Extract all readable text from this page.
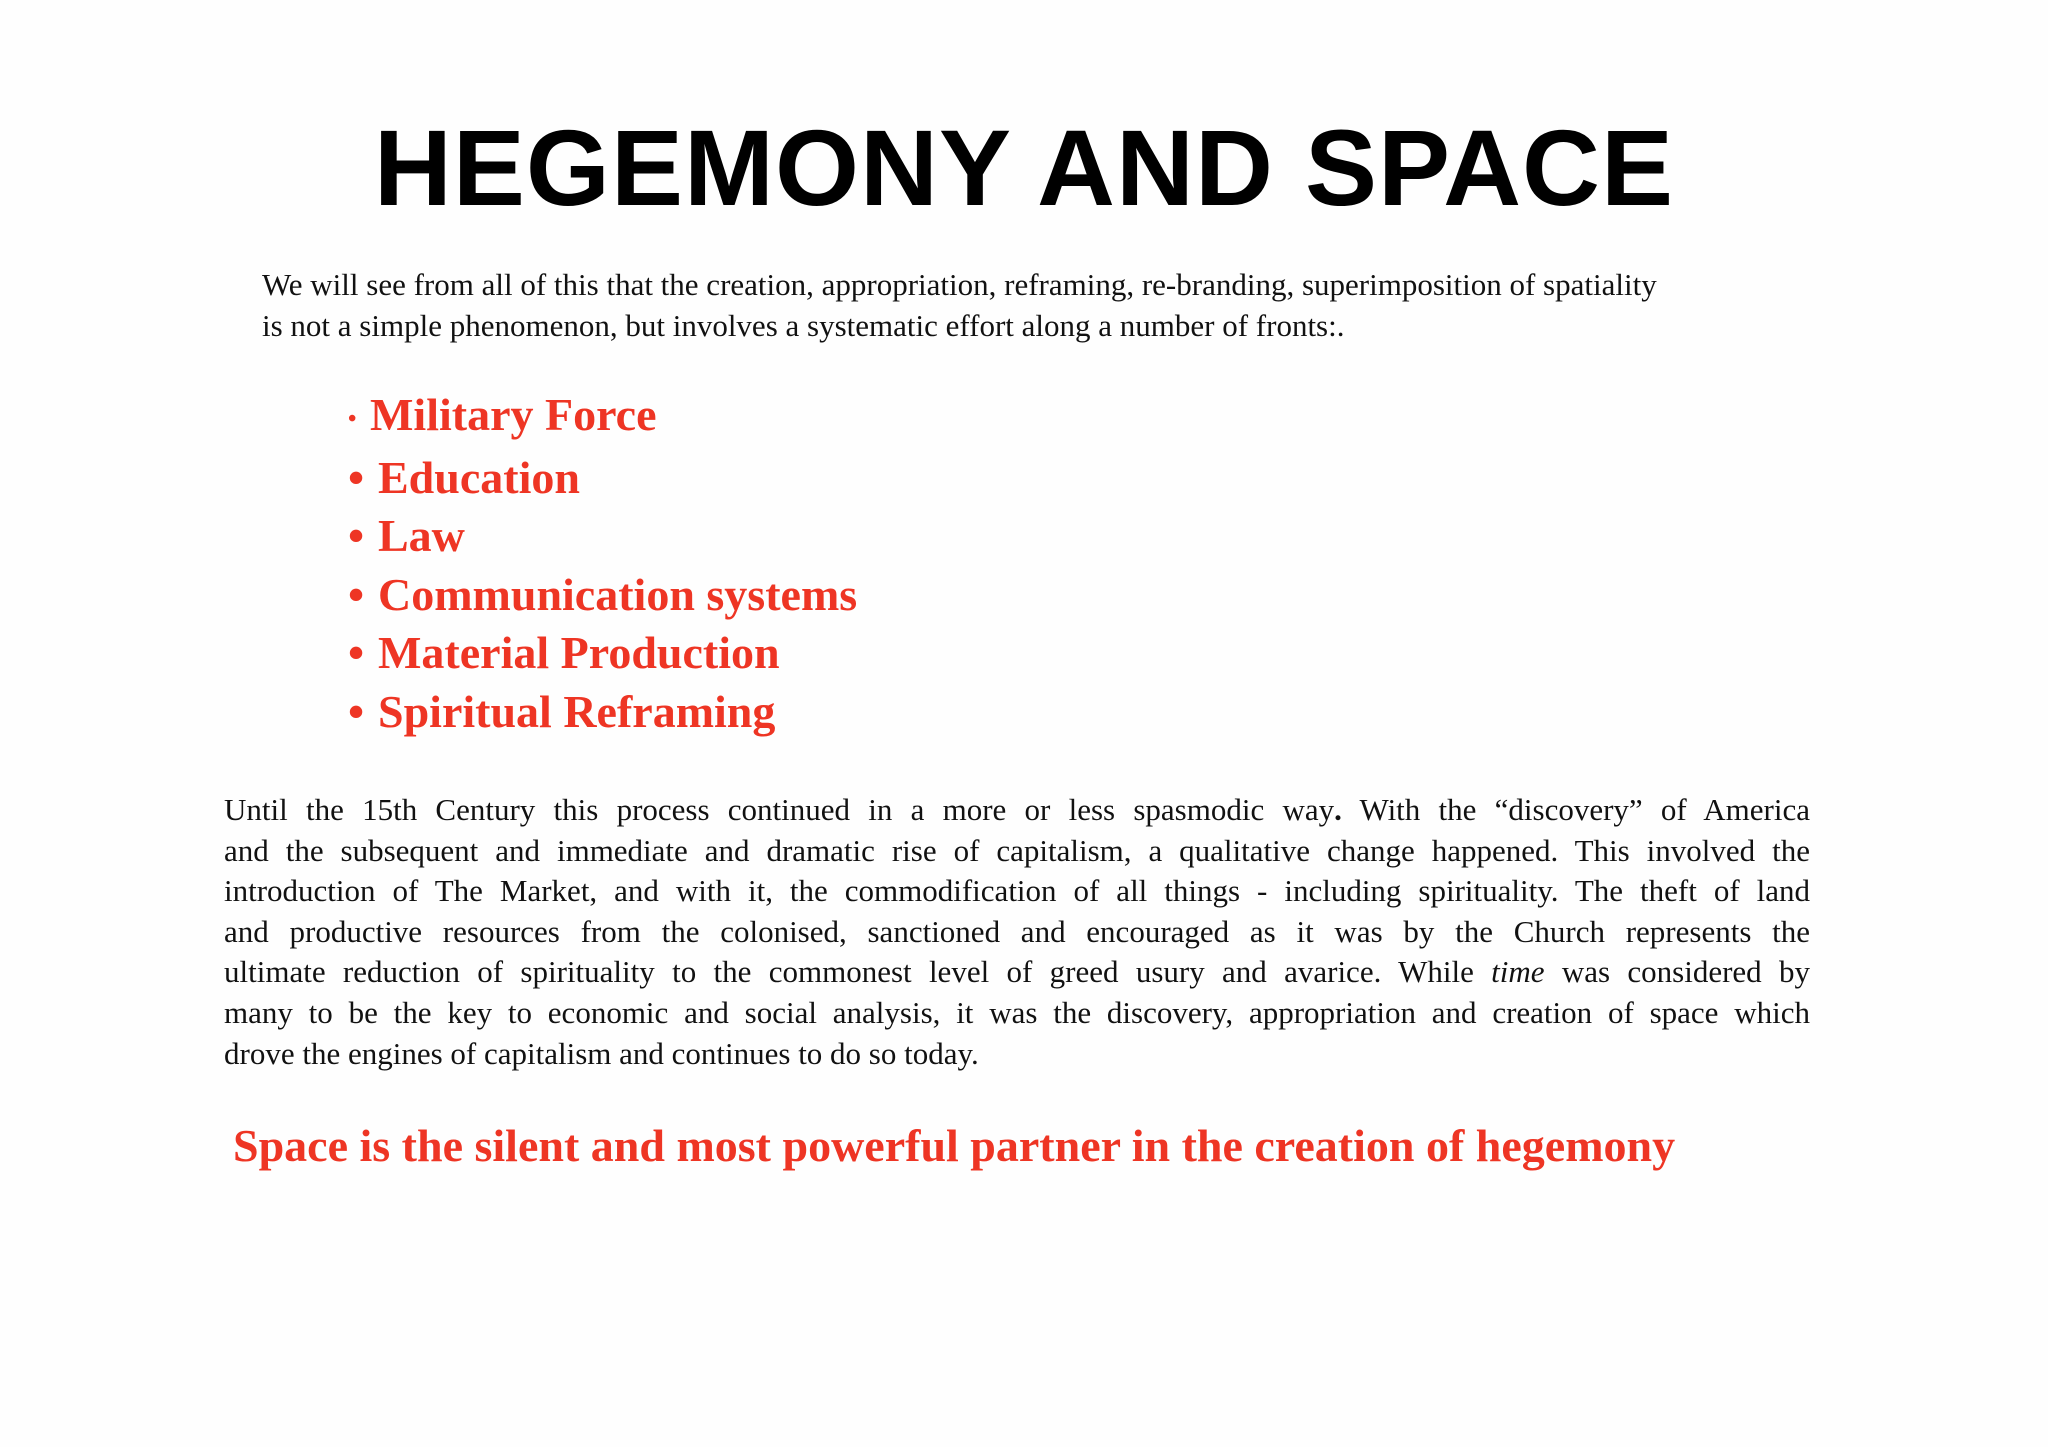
HEGEMONY AND SPACE

We will see from all of this that the creation, appropriation, reframing, re-branding, superimposition of spatiality
is not a simple phenomenon, but involves a systematic effort along a number of fronts:.

• Military Force
• Education
• Law
• Communication systems
• Material Production
• Spiritual Reframing
Until the 15th Century this process continued in a more or less spasmodic way. With the “discovery” of America
and the subsequent and immediate and dramatic rise of capitalism, a qualitative change happened. This involved the
introduction of The Market, and with it, the commodification of all things - including spirituality. The theft of land
and productive resources from the colonised, sanctioned and encouraged as it was by the Church represents the
ultimate reduction of spirituality to the commonest level of greed usury and avarice. While time was considered by
many to be the key to economic and social analysis, it was the discovery, appropriation and creation of space which
drove the engines of capitalism and continues to do so today.

Space is the silent and most powerful partner in the creation of hegemony
